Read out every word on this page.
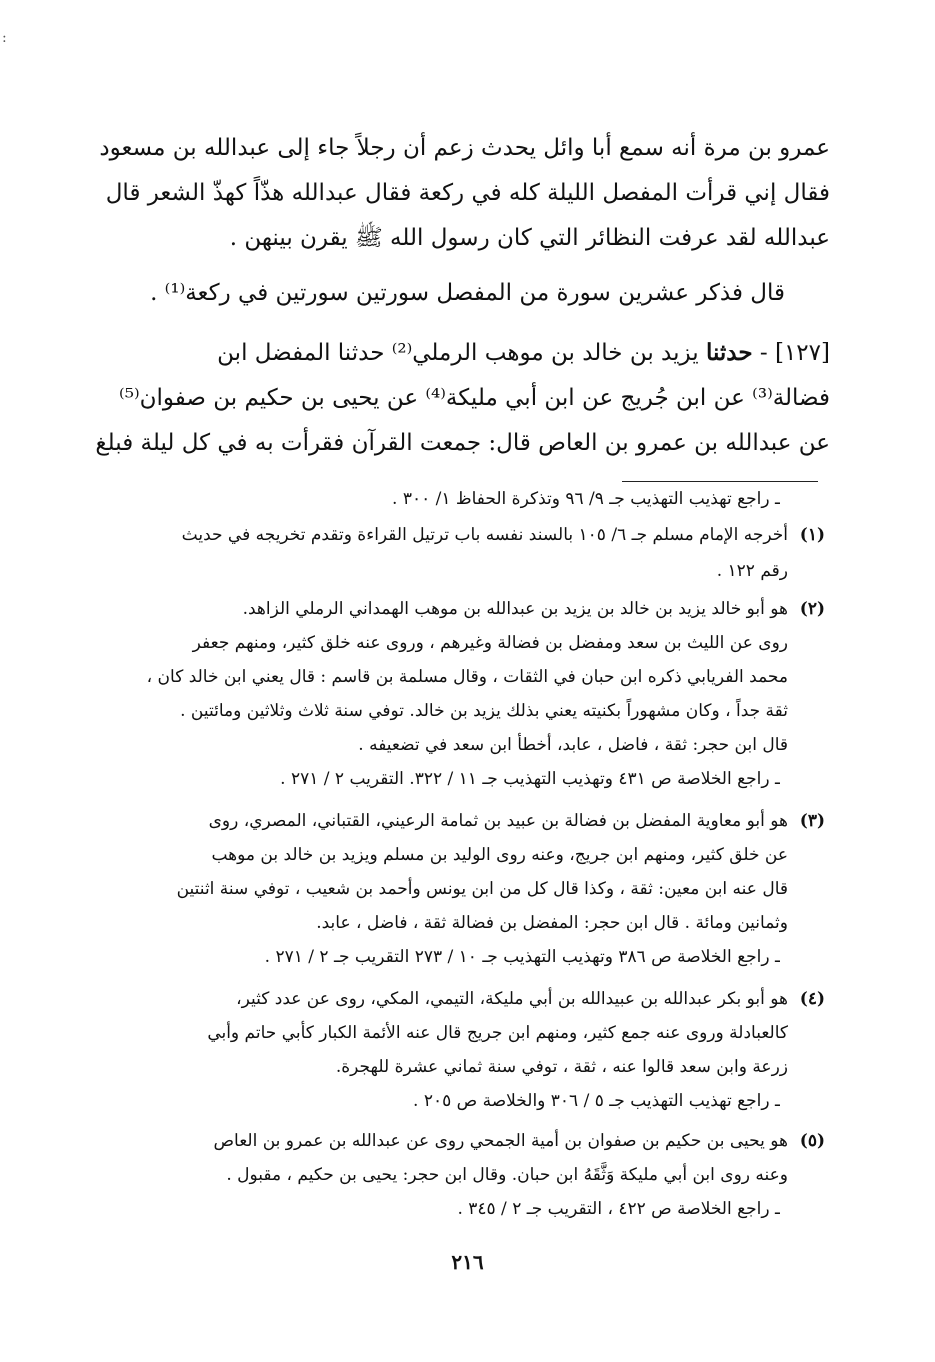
:
عمرو بن مرة أنه سمع أبا وائل يحدث زعم أن رجلاً جاء إلى عبدالله بن مسعود
فقال إني قرأت المفصل الليلة كله في ركعة فقال عبدالله هذّاً كهذّ الشعر قال
عبدالله لقد عرفت النظائر التي كان رسول الله ﷺ يقرن بينهن .
قال فذكر عشرين سورة من المفصل سورتين سورتين في ركعة⁽¹⁾ .
[١٢٧] - حدثنا يزيد بن خالد بن موهب الرملي⁽²⁾ حدثنا المفضل ابن
فضالة⁽³⁾ عن ابن جُريج عن ابن أبي مليكة⁽⁴⁾ عن يحيى بن حكيم بن صفوان⁽⁵⁾
عن عبدالله بن عمرو بن العاص قال: جمعت القرآن فقرأت به في كل ليلة فبلغ
ـ راجع تهذيب التهذيب جـ ٩/ ٩٦ وتذكرة الحفاظ ١/ ٣٠٠ .
(١)
أخرجه الإمام مسلم جـ ٦/ ١٠٥ بالسند نفسه باب ترتيل القراءة وتقدم تخريجه في حديث
رقم ١٢٢ .
(٢)
هو أبو خالد يزيد بن خالد بن يزيد بن عبدالله بن موهب الهمداني الرملي الزاهد.
روى عن الليث بن سعد ومفضل بن فضالة وغيرهم ، وروى عنه خلق كثير، ومنهم جعفر
محمد الفريابي ذكره ابن حبان في الثقات ، وقال مسلمة بن قاسم : قال يعني ابن خالد كان ،
ثقة جداً ، وكان مشهوراً بكنيته يعني بذلك يزيد بن خالد. توفي سنة ثلاث وثلاثين ومائتين .
قال ابن حجر: ثقة ، فاضل ، عابد، أخطأ ابن سعد في تضعيفه .
ـ راجع الخلاصة ص ٤٣١ وتهذيب التهذيب جـ ١١ / ٣٢٢. التقريب ٢ / ٢٧١ .
(٣)
هو أبو معاوية المفضل بن فضالة بن عبيد بن ثمامة الرعيني، القتباني، المصري، روى
عن خلق كثير، ومنهم ابن جريج، وعنه روى الوليد بن مسلم ويزيد بن خالد بن موهب
قال عنه ابن معين: ثقة ، وكذا قال كل من ابن يونس وأحمد بن شعيب ، توفي سنة اثنتين
وثمانين ومائة . قال ابن حجر: المفضل بن فضالة ثقة ، فاضل ، عابد.
ـ راجع الخلاصة ص ٣٨٦ وتهذيب التهذيب جـ ١٠ / ٢٧٣ التقريب جـ ٢ / ٢٧١ .
(٤)
هو أبو بكر عبدالله بن عبيدالله بن أبي مليكة، التيمي، المكي، روى عن عدد كثير،
كالعبادلة وروى عنه جمع كثير، ومنهم ابن جريج قال عنه الأئمة الكبار كأبي حاتم وأبي
زرعة وابن سعد قالوا عنه ، ثقة ، توفي سنة ثماني عشرة للهجرة.
ـ راجع تهذيب التهذيب جـ ٥ / ٣٠٦ والخلاصة ص ٢٠٥ .
(٥)
هو يحيى بن حكيم بن صفوان بن أمية الجمحي روى عن عبدالله بن عمرو بن العاص
وعنه روى ابن أبي مليكة وَثَّقَهُ ابن حبان. وقال ابن حجر: يحيى بن حكيم ، مقبول .
ـ راجع الخلاصة ص ٤٢٢ ، التقريب جـ ٢ / ٣٤٥ .
٢١٦
